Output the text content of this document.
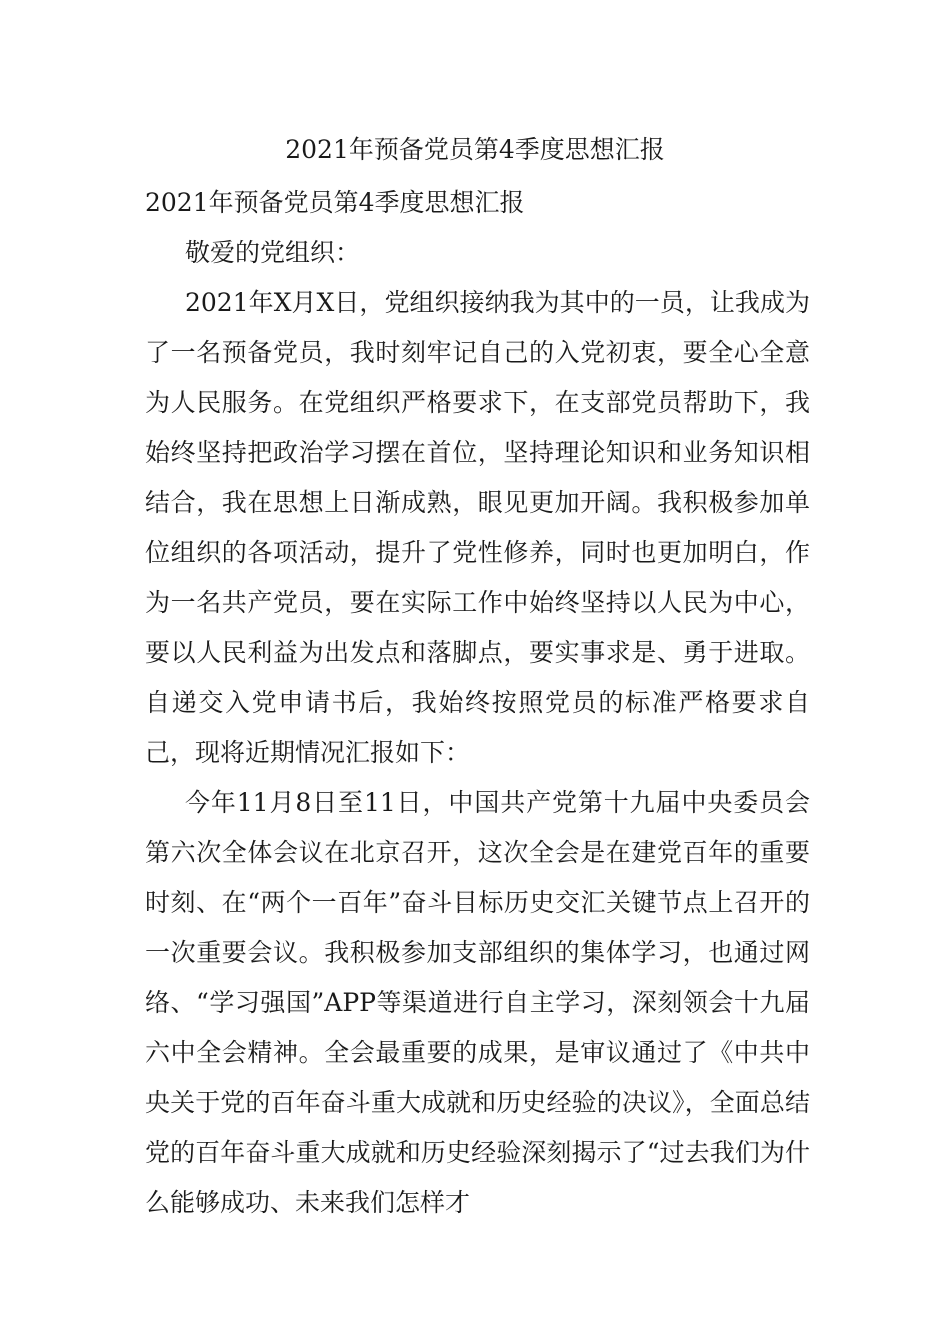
2021年预备党员第4季度思想汇报

2021年预备党员第4季度思想汇报

敬爱的党组织：

2021年X月X日，党组织接纳我为其中的一员，让我成为了一名预备党员，我时刻牢记自己的入党初衷，要全心全意为人民服务。在党组织严格要求下，在支部党员帮助下，我始终坚持把政治学习摆在首位，坚持理论知识和业务知识相结合，我在思想上日渐成熟，眼见更加开阔。我积极参加单位组织的各项活动，提升了党性修养，同时也更加明白，作为一名共产党员，要在实际工作中始终坚持以人民为中心，要以人民利益为出发点和落脚点，要实事求是、勇于进取。自递交入党申请书后，我始终按照党员的标准严格要求自己，现将近期情况汇报如下：

今年11月8日至11日，中国共产党第十九届中央委员会第六次全体会议在北京召开，这次全会是在建党百年的重要时刻、在“两个一百年”奋斗目标历史交汇关键节点上召开的一次重要会议。我积极参加支部组织的集体学习，也通过网络、“学习强国”APP等渠道进行自主学习，深刻领会十九届六中全会精神。全会最重要的成果，是审议通过了《中共中央关于党的百年奋斗重大成就和历史经验的决议》，全面总结党的百年奋斗重大成就和历史经验深刻揭示了“过去我们为什么能够成功、未来我们怎样才
